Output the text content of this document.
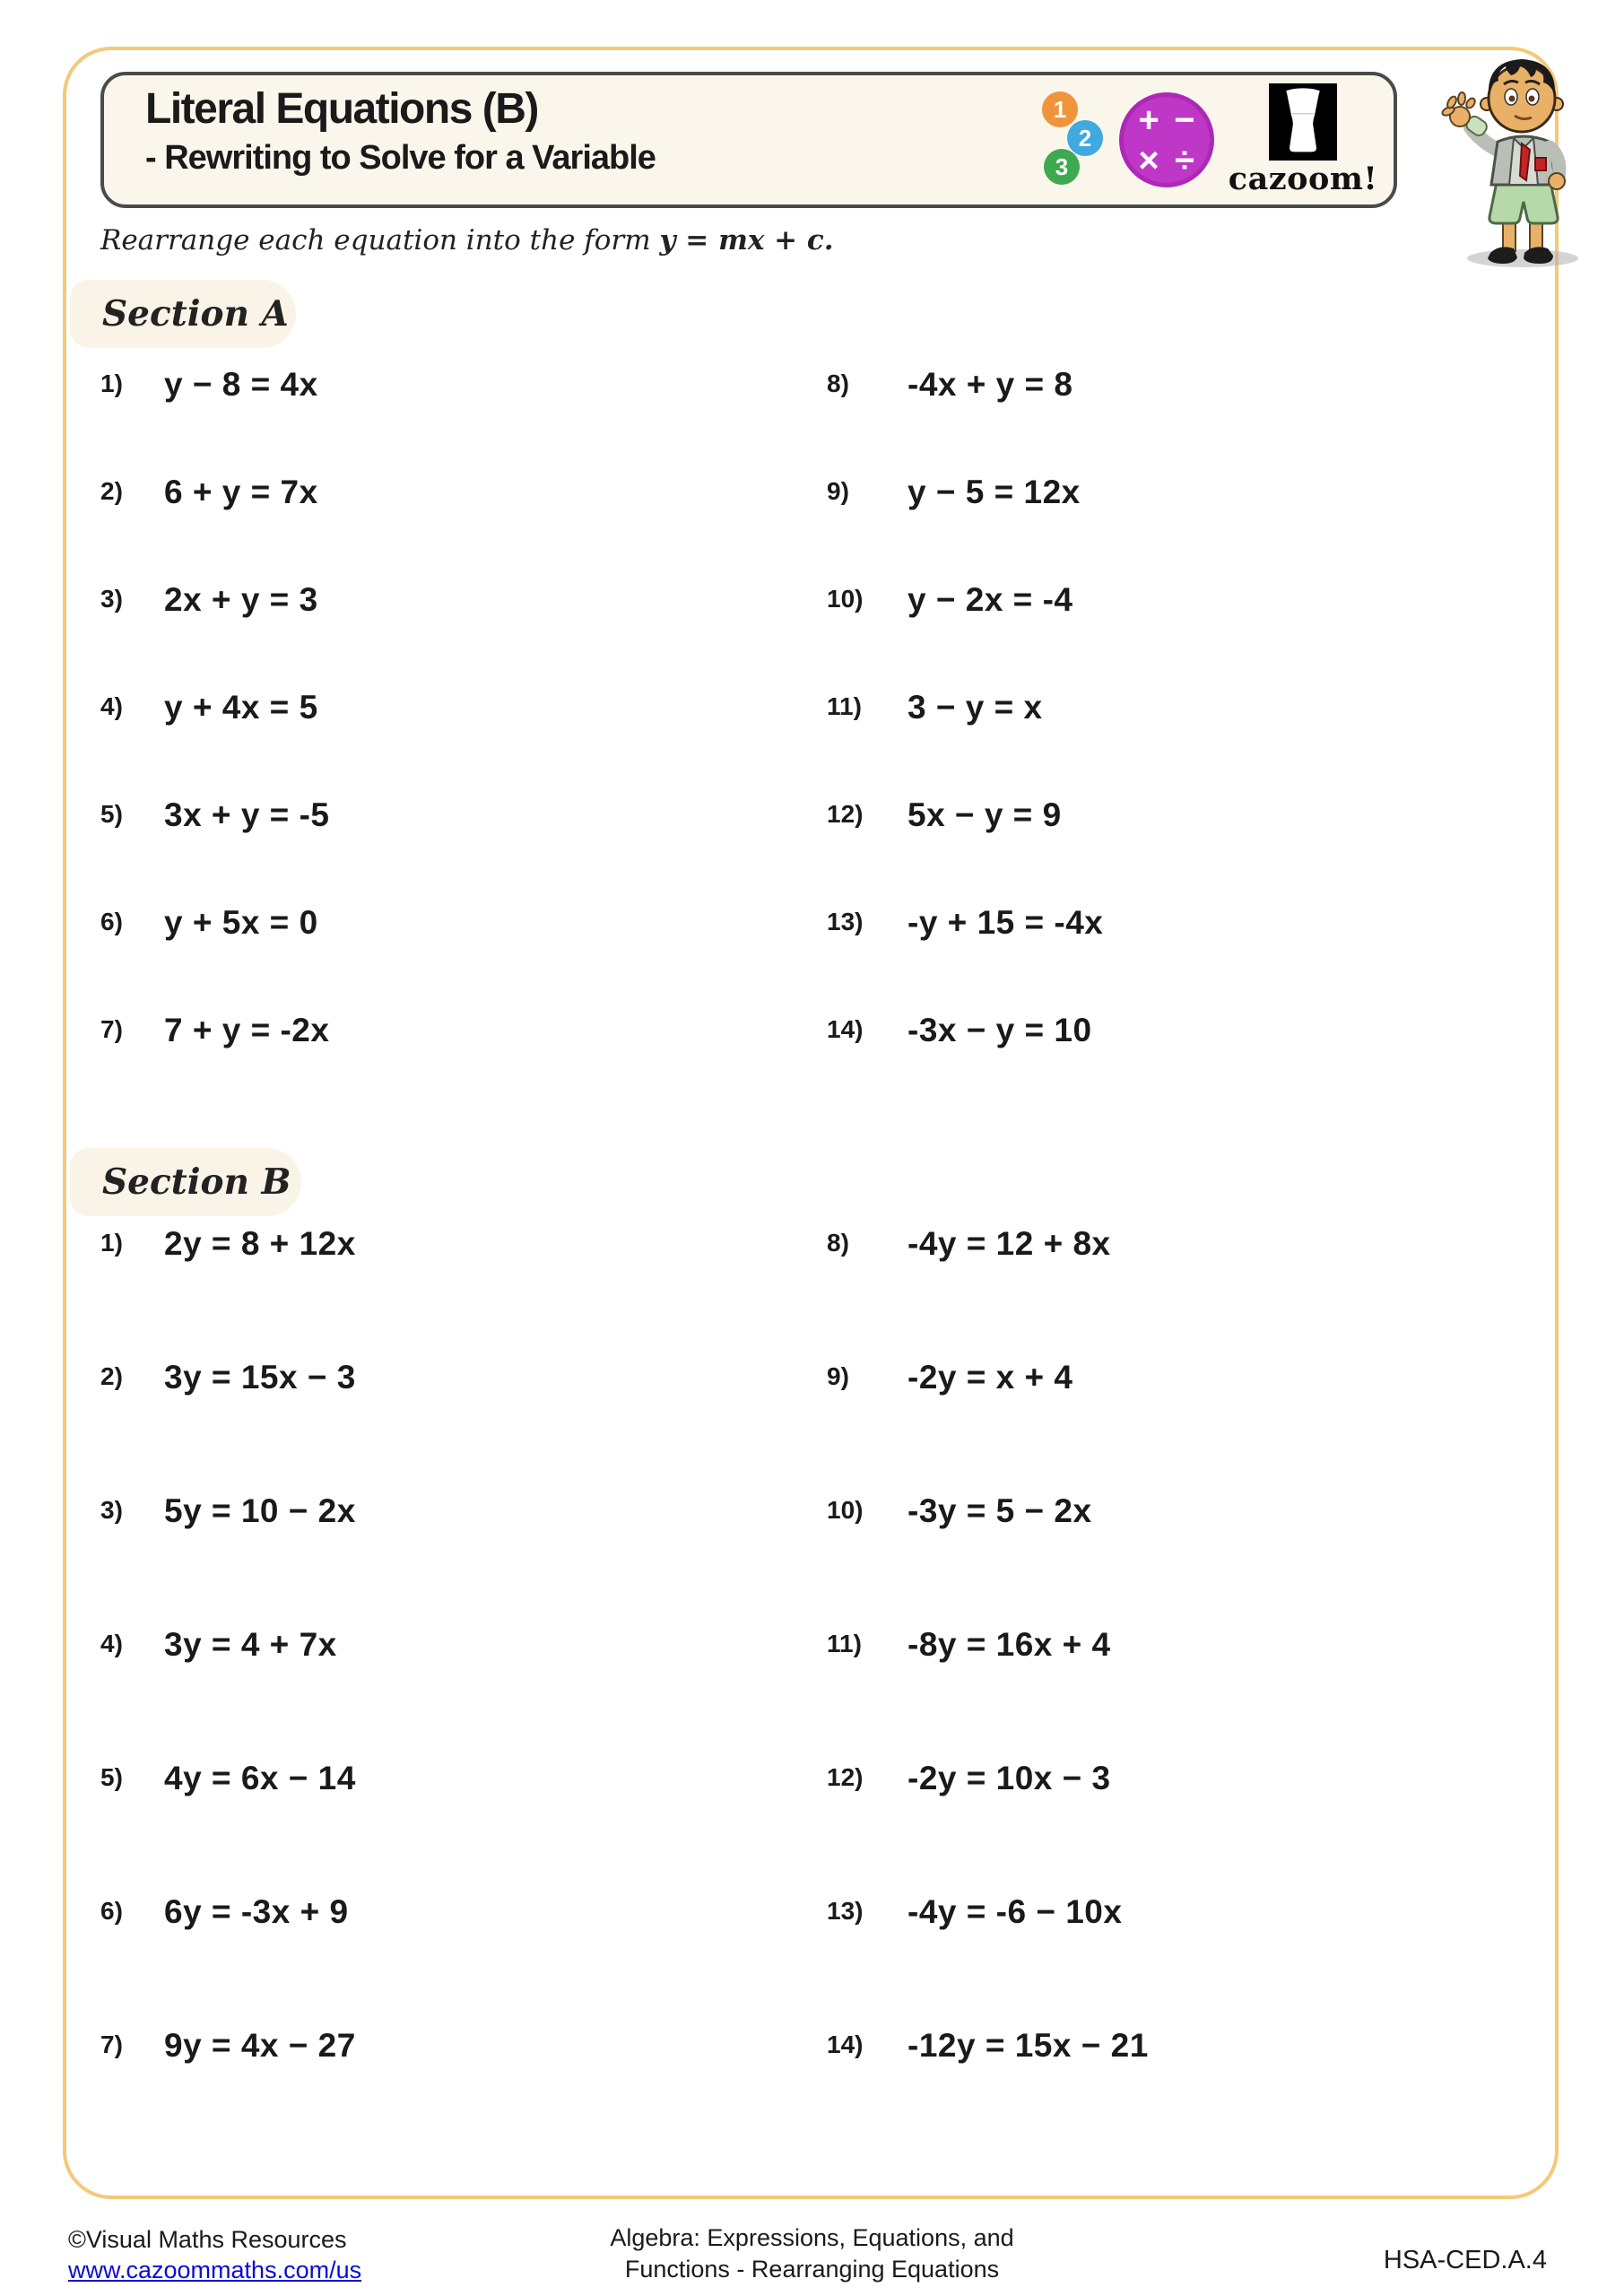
Literal Equations (B)
- Rewriting to Solve for a Variable
1
2
3
+ −
× ÷ cazoom!
Rearrange each equation into the form y = mx + c.
Section A
1)	y − 8 = 4x
2)	6 + y = 7x
3)	2x + y = 3
4)	y + 4x = 5
5)	3x + y = -5
6)	y + 5x = 0
7)	7 + y = -2x
8)	-4x + y = 8
9)	y − 5 = 12x
10)	y − 2x = -4
11)	3 − y = x
12)	5x − y = 9
13)	-y + 15 = -4x
14)	-3x − y = 10
Section B
1)	2y = 8 + 12x
2)	3y = 15x − 3
3)	5y = 10 − 2x
4)	3y = 4 + 7x
5)	4y = 6x − 14
6)	6y = -3x + 9
7)	9y = 4x − 27
8)	-4y = 12 + 8x
9)	-2y = x + 4
10)	-3y = 5 − 2x
11)	-8y = 16x + 4
12)	-2y = 10x − 3
13)	-4y = -6 − 10x
14)	-12y = 15x − 21
©Visual Maths Resources
www.cazoommaths.com/us
Algebra: Expressions, Equations, and
Functions - Rearranging Equations	HSA-CED.A.4
